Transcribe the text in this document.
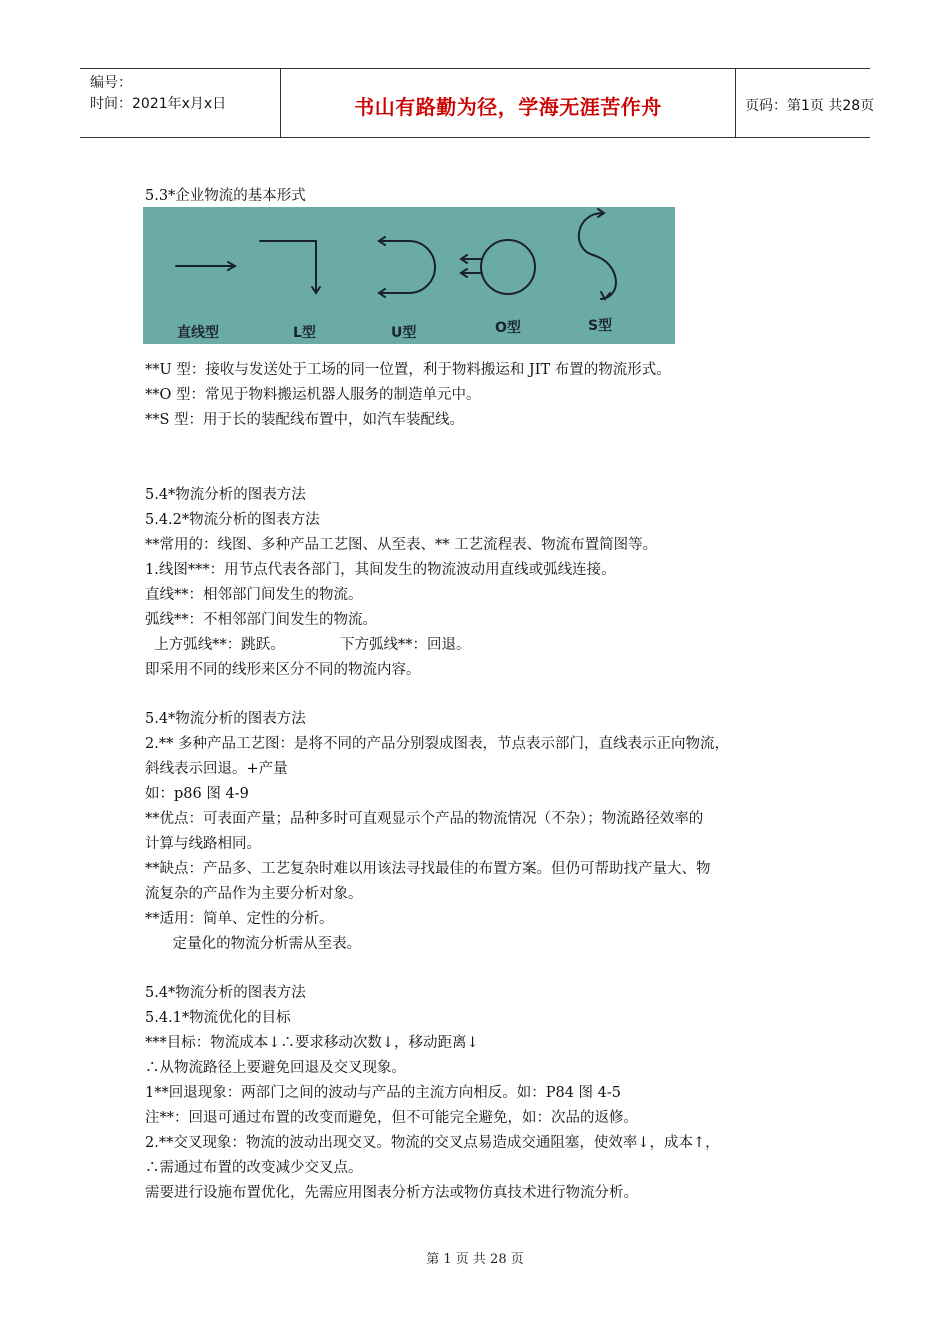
编号：
时间：2021年x月x日	书山有路勤为径，学海无涯苦作舟	页码：第1页 共28页
5.3*企业物流的基本形式
直线型	L型	U型	O型	S型
**U 型：接收与发送处于工场的同一位置，利于物料搬运和 JIT 布置的物流形式。
**O 型：常见于物料搬运机器人服务的制造单元中。
**S 型：用于长的装配线布置中，如汽车装配线。
5.4*物流分析的图表方法
5.4.2*物流分析的图表方法
**常用的：线图、多种产品工艺图、从至表、** 工艺流程表、物流布置简图等。
1.线图***：用节点代表各部门，其间发生的物流波动用直线或弧线连接。
直线**：相邻部门间发生的物流。
弧线**：不相邻部门间发生的物流。
上方弧线**：跳跃。            下方弧线**：回退。
即采用不同的线形来区分不同的物流内容。
5.4*物流分析的图表方法
2.** 多种产品工艺图：是将不同的产品分别裂成图表，节点表示部门，直线表示正向物流，
斜线表示回退。+产量
如：p86 图 4-9
**优点：可表面产量；品种多时可直观显示个产品的物流情况（不杂）；物流路径效率的
计算与线路相同。
**缺点：产品多、工艺复杂时难以用该法寻找最佳的布置方案。但仍可帮助找产量大、物
流复杂的产品作为主要分析对象。
**适用：简单、定性的分析。
定量化的物流分析需从至表。
5.4*物流分析的图表方法
5.4.1*物流优化的目标
***目标：物流成本↓∴要求移动次数↓，移动距离↓
∴从物流路径上要避免回退及交叉现象。
1**回退现象：两部门之间的波动与产品的主流方向相反。如：P84 图 4-5
注**：回退可通过布置的改变而避免，但不可能完全避免，如：次品的返修。
2.**交叉现象：物流的波动出现交叉。物流的交叉点易造成交通阻塞，使效率↓，成本↑，
∴需通过布置的改变减少交叉点。
需要进行设施布置优化，先需应用图表分析方法或物仿真技术进行物流分析。
第 1 页 共 28 页
